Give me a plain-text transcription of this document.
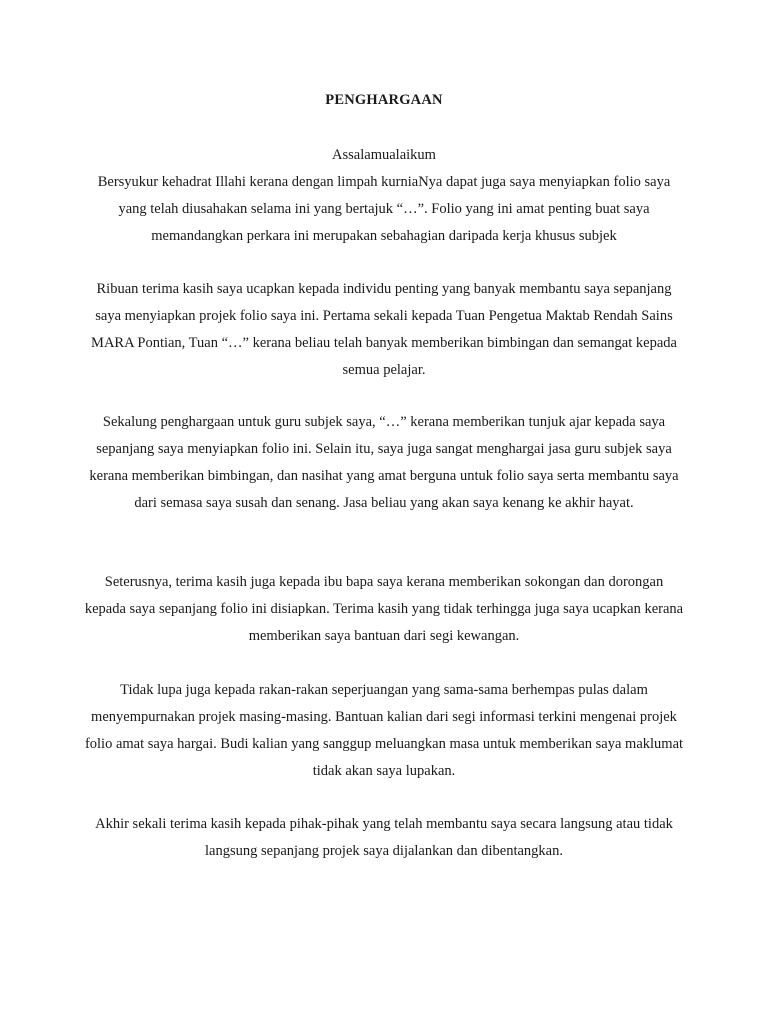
PENGHARGAAN

Assalamualaikum

Bersyukur kehadrat Illahi kerana dengan limpah kurniaNya dapat juga saya menyiapkan folio saya yang telah diusahakan selama ini yang bertajuk “…”. Folio yang ini amat penting buat saya memandangkan perkara ini merupakan sebahagian daripada kerja khusus subjek

Ribuan terima kasih saya ucapkan kepada individu penting yang banyak membantu saya sepanjang saya menyiapkan projek folio saya ini. Pertama sekali kepada Tuan Pengetua Maktab Rendah Sains MARA Pontian, Tuan “…” kerana beliau telah banyak memberikan bimbingan dan semangat kepada semua pelajar.

Sekalung penghargaan untuk guru subjek saya, “…” kerana memberikan tunjuk ajar kepada saya sepanjang saya menyiapkan folio ini. Selain itu, saya juga sangat menghargai jasa guru subjek saya kerana memberikan bimbingan, dan nasihat yang amat berguna untuk folio saya serta membantu saya dari semasa saya susah dan senang. Jasa beliau yang akan saya kenang ke akhir hayat.

Seterusnya, terima kasih juga kepada ibu bapa saya kerana memberikan sokongan dan dorongan kepada saya sepanjang folio ini disiapkan. Terima kasih yang tidak terhingga juga saya ucapkan kerana memberikan saya bantuan dari segi kewangan.

Tidak lupa juga kepada rakan-rakan seperjuangan yang sama-sama berhempas pulas dalam menyempurnakan projek masing-masing. Bantuan kalian dari segi informasi terkini mengenai projek folio amat saya hargai. Budi kalian yang sanggup meluangkan masa untuk memberikan saya maklumat tidak akan saya lupakan.

Akhir sekali terima kasih kepada pihak-pihak yang telah membantu saya secara langsung atau tidak langsung sepanjang projek saya dijalankan dan dibentangkan.
